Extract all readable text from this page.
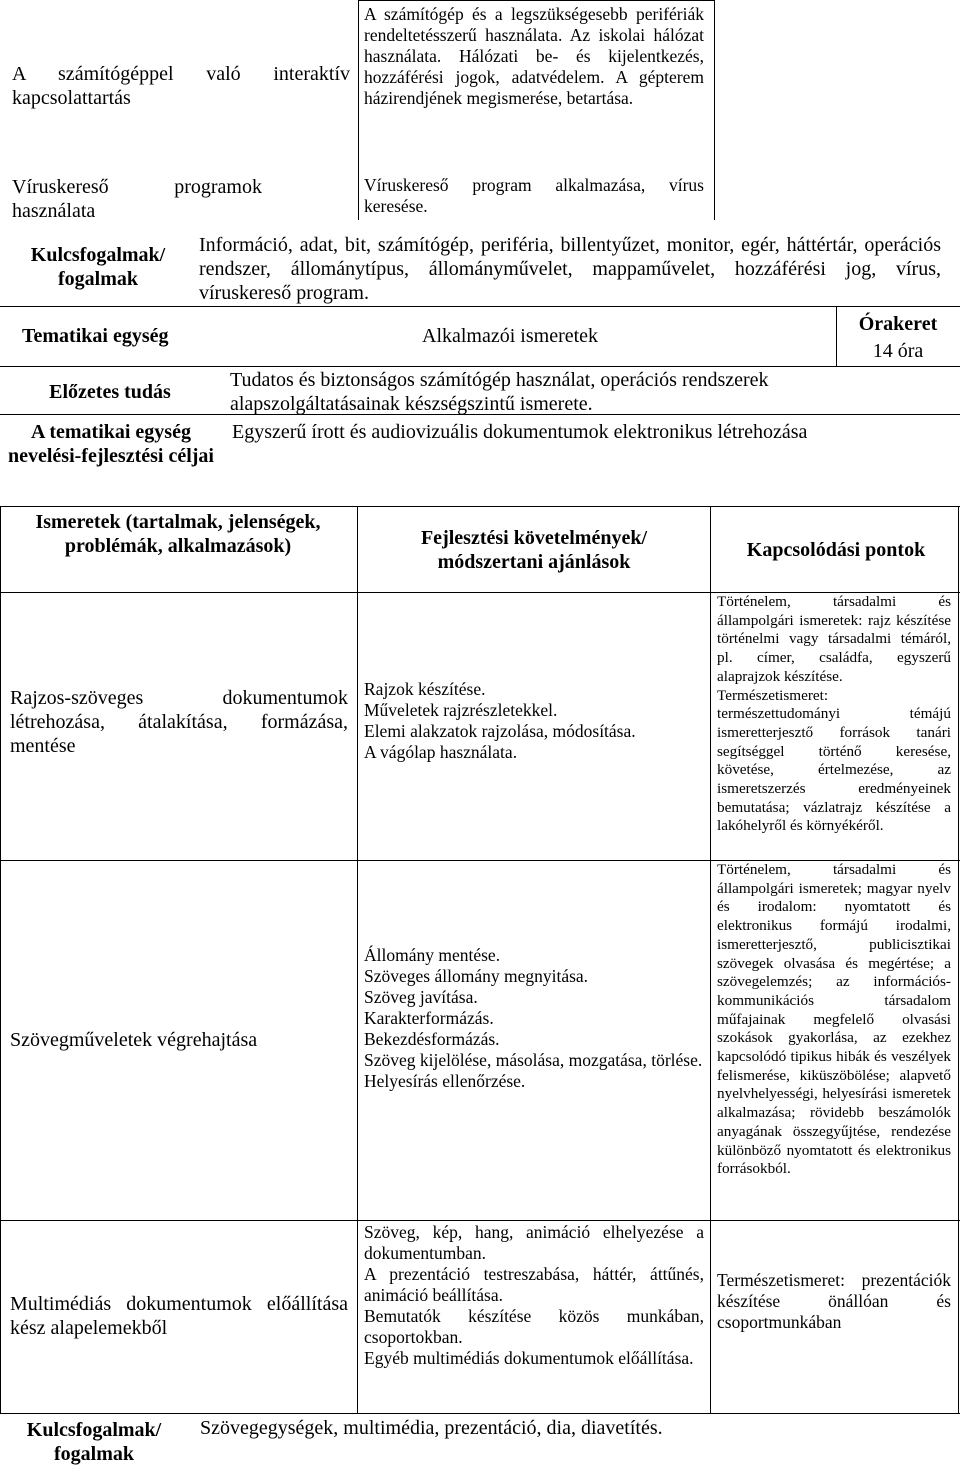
A számítógéppel való interaktív kapcsolattartás
A számítógép és a legszükségesebb perifériák rendeltetésszerű használata. Az iskolai hálózat használata. Hálózati be- és kijelentkezés, hozzáférési jogok, adatvédelem. A gépterem házirendjének megismerése, betartása.
Víruskereső programok használata
Víruskereső program alkalmazása, vírus keresése.
Kulcsfogalmak/ fogalmak
Információ, adat, bit, számítógép, periféria, billentyűzet, monitor, egér, háttértár, operációs rendszer, állománytípus, állományművelet, mappaművelet, hozzáférési jog, vírus, víruskereső program.
Tematikai egység	Alkalmazói ismeretek
Órakeret
14 óra
Előzetes tudás
Tudatos és biztonságos számítógép használat, operációs rendszerek alapszolgáltatásainak készségszintű ismerete.
A tematikai egység nevelési-fejlesztési céljai
Egyszerű írott és audiovizuális dokumentumok elektronikus létrehozása
Ismeretek (tartalmak, jelenségek, problémák, alkalmazások)	Fejlesztési követelmények/ módszertani ajánlások
Kapcsolódási pontok
Rajzos-szöveges dokumentumok létrehozása, átalakítása, formázása, mentése
Rajzok készítése.
Műveletek rajzrészletekkel.
Elemi alakzatok rajzolása, módosítása.
A vágólap használata.
Történelem, társadalmi és állampolgári ismeretek: rajz készítése történelmi vagy társadalmi témáról, pl. címer, családfa, egyszerű alaprajzok készítése.
Természetismeret: természettudományi témájú ismeretterjesztő források tanári segítséggel történő keresése, követése, értelmezése, az ismeretszerzés eredményeinek bemutatása; vázlatrajz készítése a lakóhelyről és környékéről.
Szövegműveletek végrehajtása
Állomány mentése.
Szöveges állomány megnyitása.
Szöveg javítása.
Karakterformázás.
Bekezdésformázás.
Szöveg kijelölése, másolása, mozgatása, törlése.
Helyesírás ellenőrzése.
Történelem, társadalmi és állampolgári ismeretek; magyar nyelv és irodalom: nyomtatott és elektronikus formájú irodalmi, ismeretterjesztő, publicisztikai szövegek olvasása és megértése; a szövegelemzés; az információs-kommunikációs társadalom műfajainak megfelelő olvasási szokások gyakorlása, az ezekhez kapcsolódó tipikus hibák és veszélyek felismerése, kiküszöbölése; alapvető nyelvhelyességi, helyesírási ismeretek alkalmazása; rövidebb beszámolók anyagának összegyűjtése, rendezése különböző nyomtatott és elektronikus forrásokból.
Multimédiás dokumentumok előállítása kész alapelemekből
Szöveg, kép, hang, animáció elhelyezése a dokumentumban.
A prezentáció testreszabása, háttér, áttűnés, animáció beállítása.
Bemutatók készítése közös munkában, csoportokban.
Egyéb multimédiás dokumentumok előállítása.
Természetismeret: prezentációk készítése önállóan és csoportmunkában
Kulcsfogalmak/ fogalmak
Szövegegységek, multimédia, prezentáció, dia, diavetítés.
